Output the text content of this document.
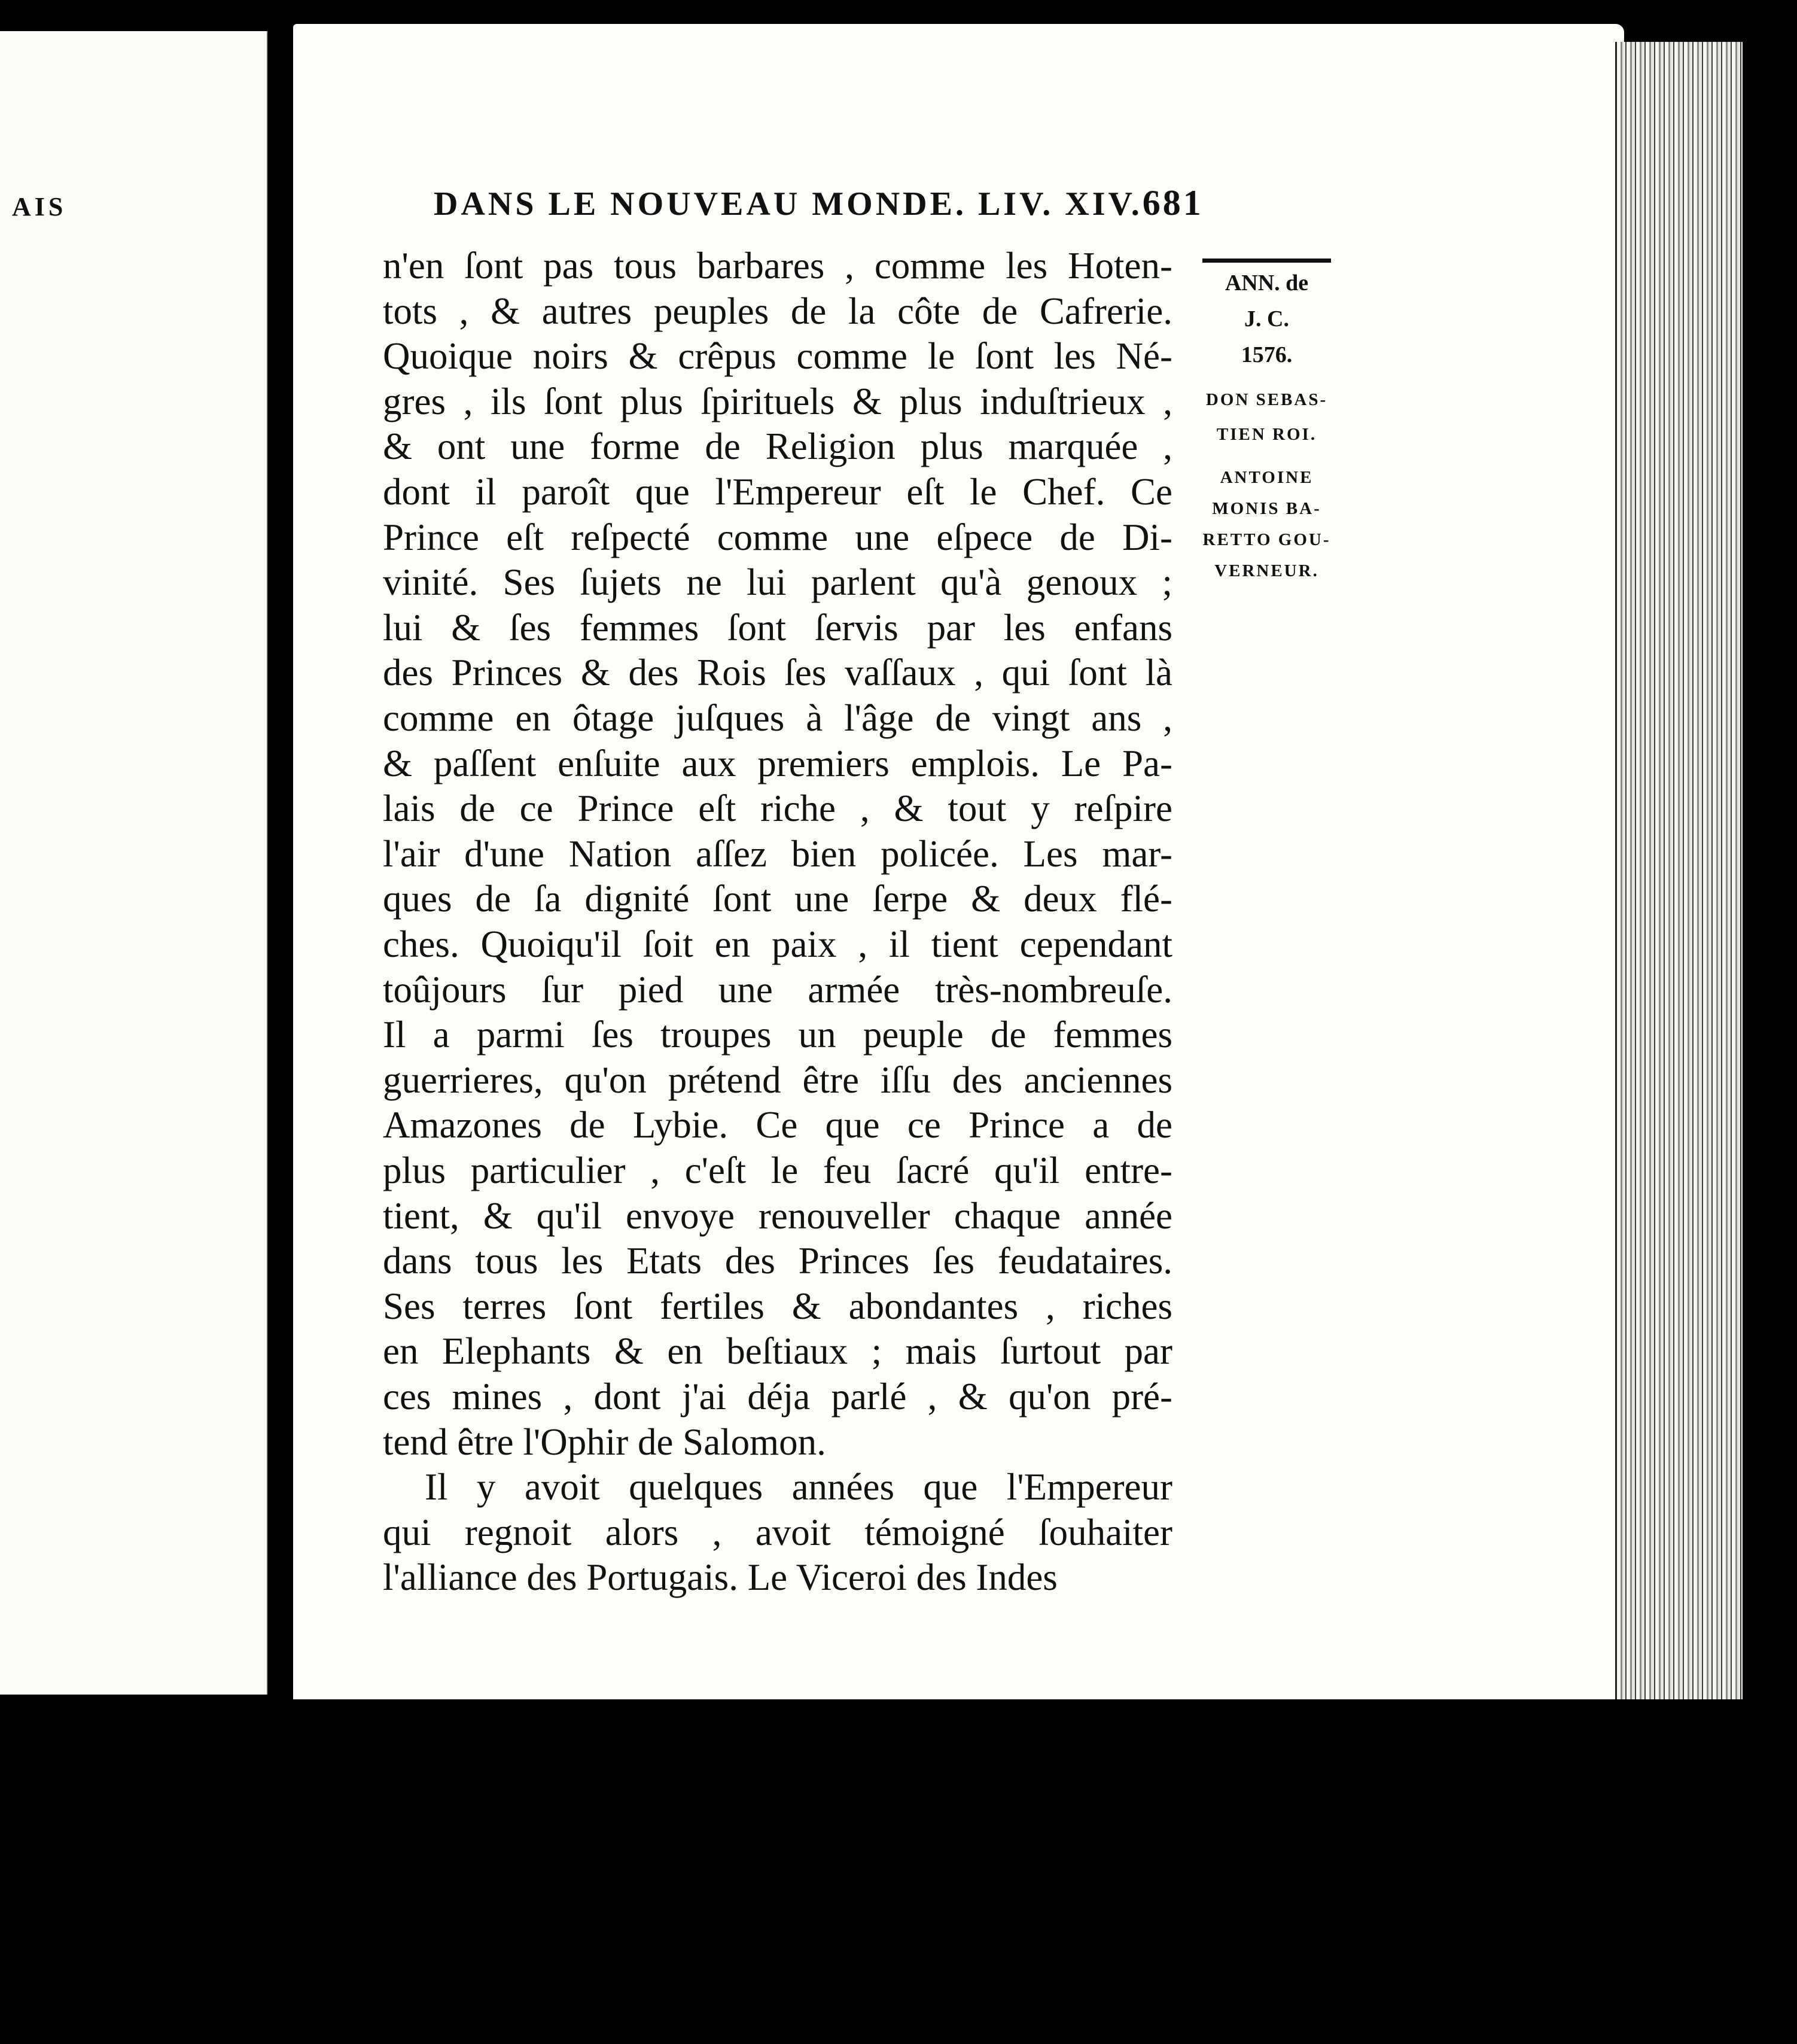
AIS	DANS LE NOUVEAU MONDE. LIV. XIV. 681
n'en ſont pas tous barbares , comme les Hoten-
tots , & autres peuples de la côte de Cafrerie.
Quoique noirs & crêpus comme le ſont les Né-
gres , ils ſont plus ſpirituels & plus induſtrieux ,
& ont une forme de Religion plus marquée ,
dont il paroît que l'Empereur eſt le Chef. Ce
Prince eſt reſpecté comme une eſpece de Di-
vinité. Ses ſujets ne lui parlent qu'à genoux ;
lui & ſes femmes ſont ſervis par les enfans
des Princes & des Rois ſes vaſſaux , qui ſont là
comme en ôtage juſques à l'âge de vingt ans ,
& paſſent enſuite aux premiers emplois. Le Pa-
lais de ce Prince eſt riche , & tout y reſpire
l'air d'une Nation aſſez bien policée. Les mar-
ques de ſa dignité ſont une ſerpe & deux flé-
ches. Quoiqu'il ſoit en paix , il tient cependant
toûjours ſur pied une armée très-nombreuſe.
Il a parmi ſes troupes un peuple de femmes
guerrieres, qu'on prétend être iſſu des anciennes
Amazones de Lybie. Ce que ce Prince a de
plus particulier , c'eſt le feu ſacré qu'il entre-
tient, & qu'il envoye renouveller chaque année
dans tous les Etats des Princes ſes feudataires.
Ses terres ſont fertiles & abondantes , riches
en Elephants & en beſtiaux ; mais ſurtout par
ces mines , dont j'ai déja parlé , & qu'on pré-
tend être l'Ophir de Salomon.
Il y avoit quelques années que l'Empereur
qui regnoit alors , avoit témoigné ſouhaiter
l'alliance des Portugais. Le Viceroi des Indes
ANN. de
J. C.
1576.
DON SEBAS-
TIEN ROI.
ANTOINE
MONIS BA-
RETTO GOU-
VERNEUR.
